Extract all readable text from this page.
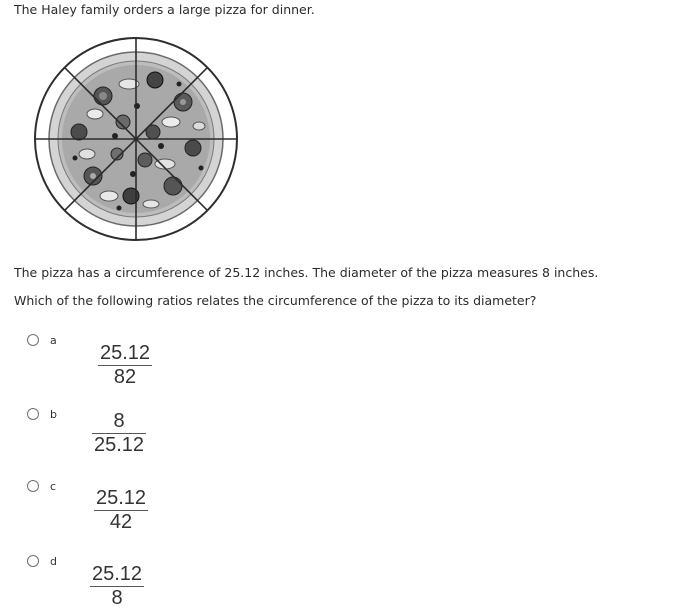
The Haley family orders a large pizza for dinner.

The pizza has a circumference of 25.12 inches. The diameter of the pizza measures 8 inches.

Which of the following ratios relates the circumference of the pizza to its diameter?

a
25.12
82
b	8
25.12
c
25.12
42
d
25.12
8
